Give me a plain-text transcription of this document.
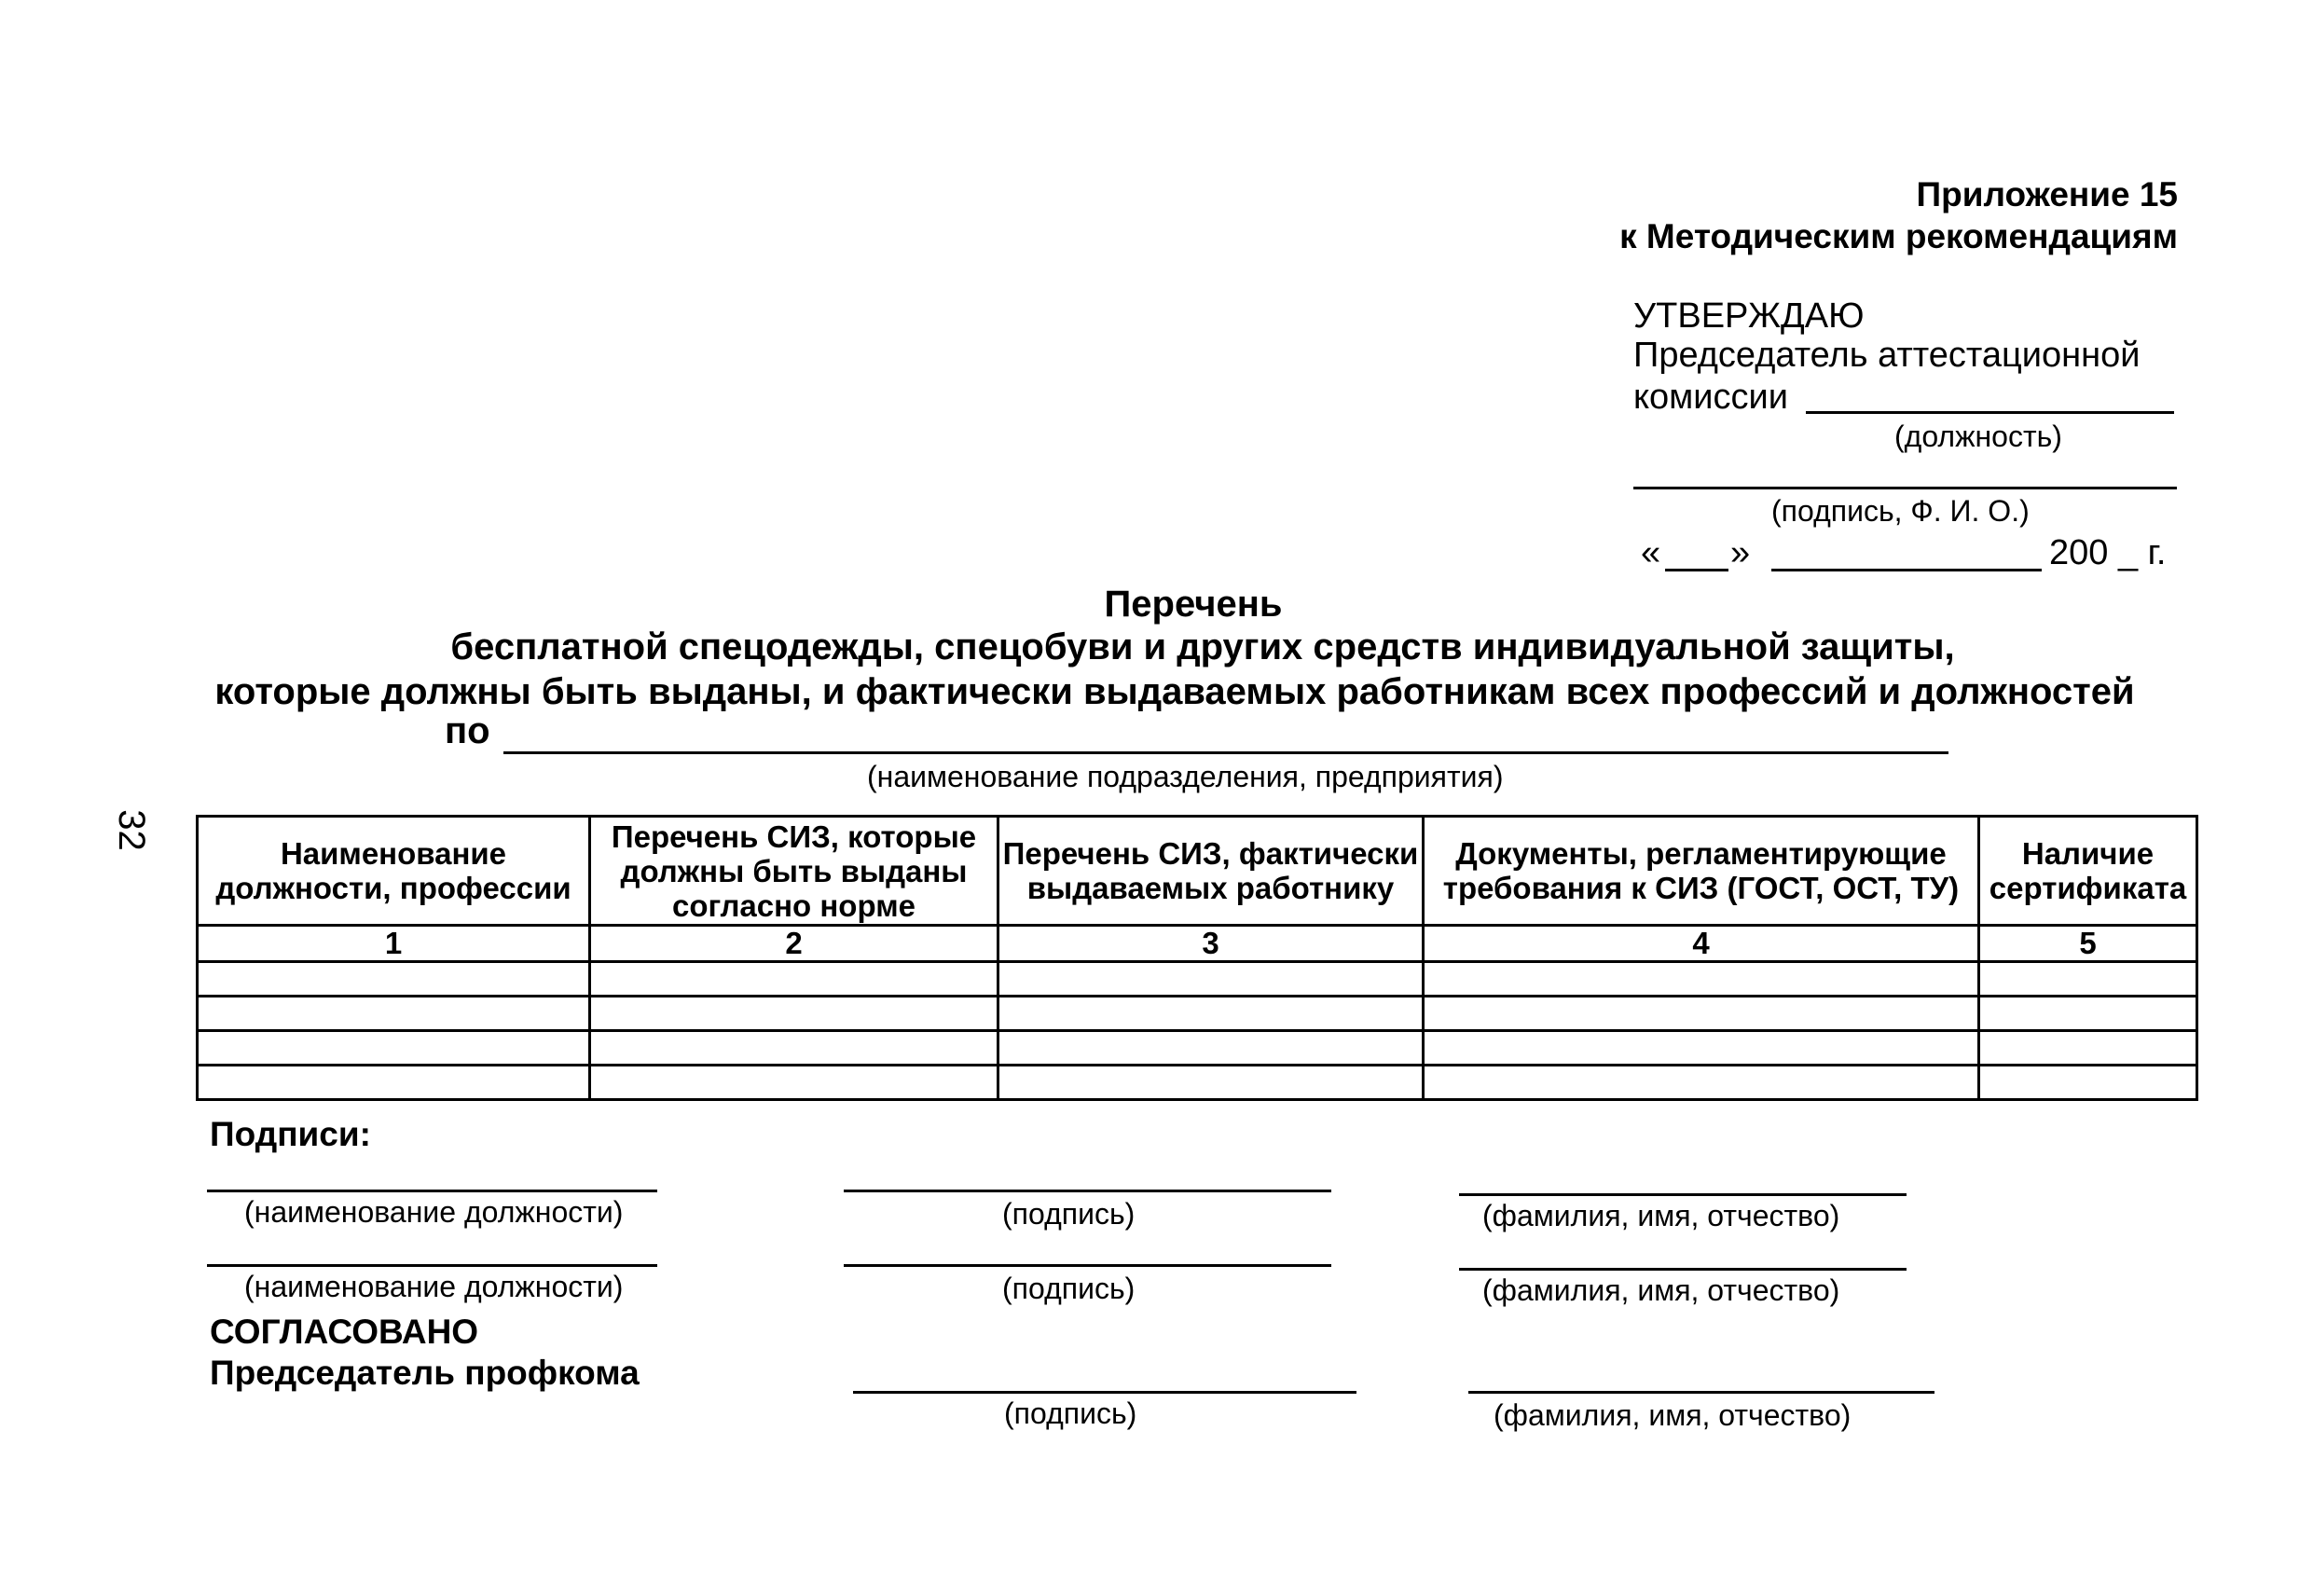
32
Приложение 15
к Методическим рекомендациям
УТВЕРЖДАЮ
Председатель аттестационной
комиссии
(должность)
(подпись, Ф. И. О.)
« »	200 _ г.
Перечень
бесплатной спецодежды, спецобуви и других средств индивидуальной защиты,
которые должны быть выданы, и фактически выдаваемых работникам всех профессий и должностей
по
(наименование подразделения, предприятия)
Наименование должности, профессии	Перечень СИЗ, которые должны быть выданы согласно норме	Перечень СИЗ, фактически выдаваемых работнику	Документы, регламентирующие требования к СИЗ (ГОСТ, ОСТ, ТУ)	Наличие сертификата
1	2	3	4	5

Подписи:
(наименование должности)	(подпись)	(фамилия, имя, отчество)
(наименование должности)	(подпись)	(фамилия, имя, отчество)
СОГЛАСОВАНО
Председатель профкома
(подпись)	(фамилия, имя, отчество)
